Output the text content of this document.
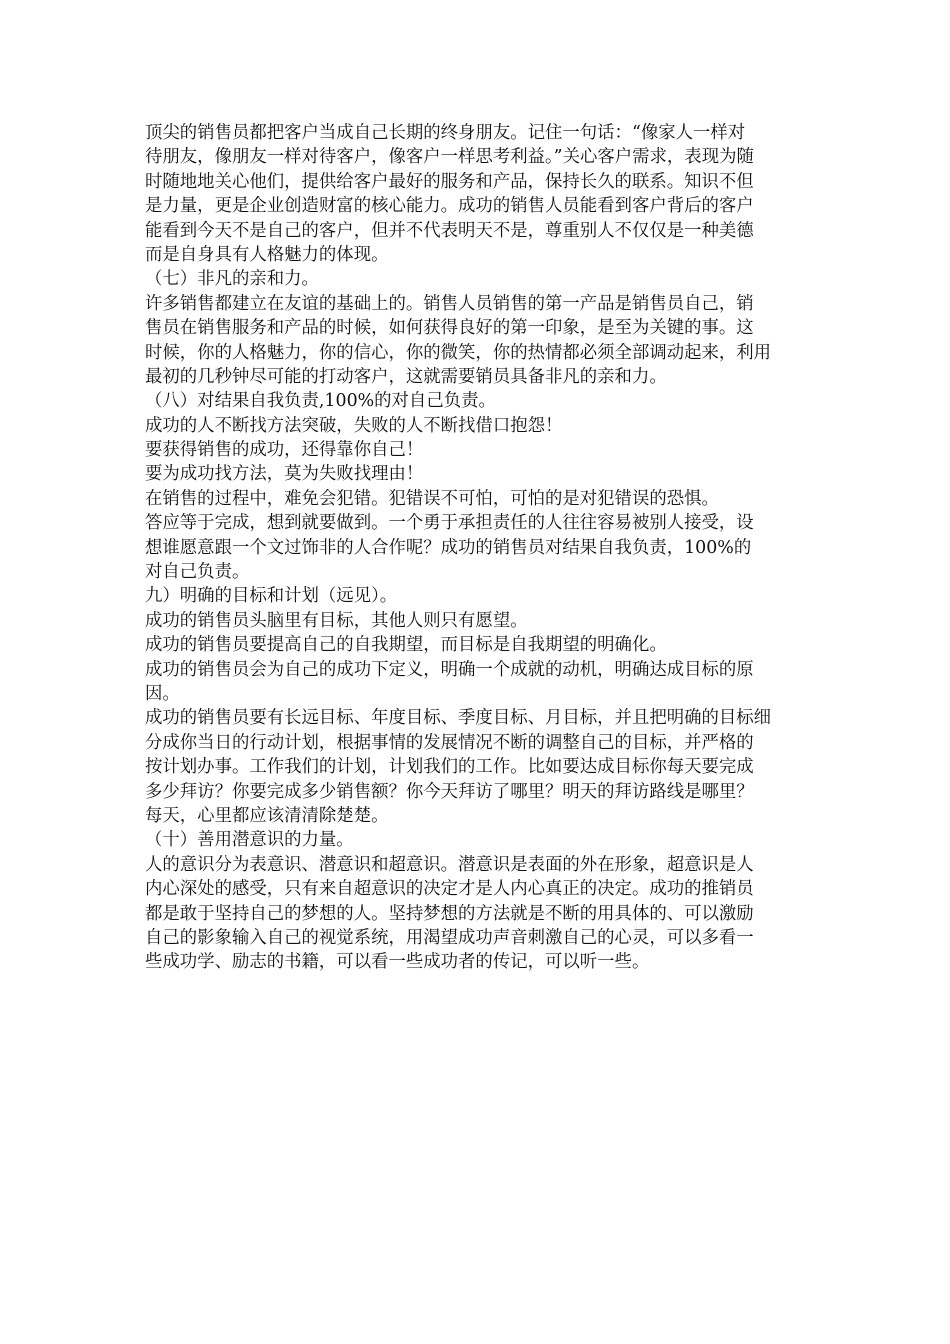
顶尖的销售员都把客户当成自己长期的终身朋友。记住一句话：“像家人一样对
待朋友，像朋友一样对待客户，像客户一样思考利益。”关心客户需求，表现为随
时随地地关心他们，提供给客户最好的服务和产品，保持长久的联系。知识不但
是力量，更是企业创造财富的核心能力。成功的销售人员能看到客户背后的客户
能看到今天不是自己的客户，但并不代表明天不是，尊重别人不仅仅是一种美德
而是自身具有人格魅力的体现。
（七）非凡的亲和力。
许多销售都建立在友谊的基础上的。销售人员销售的第一产品是销售员自己，销
售员在销售服务和产品的时候，如何获得良好的第一印象，是至为关键的事。这
时候，你的人格魅力，你的信心，你的微笑，你的热情都必须全部调动起来，利用
最初的几秒钟尽可能的打动客户，这就需要销员具备非凡的亲和力。
（八）对结果自我负责,100%的对自己负责。
成功的人不断找方法突破，失败的人不断找借口抱怨！
要获得销售的成功，还得靠你自己！
要为成功找方法，莫为失败找理由！
在销售的过程中，难免会犯错。犯错误不可怕，可怕的是对犯错误的恐惧。
答应等于完成，想到就要做到。一个勇于承担责任的人往往容易被别人接受，设
想谁愿意跟一个文过饰非的人合作呢？成功的销售员对结果自我负责，100%的
对自己负责。
九）明确的目标和计划（远见）。
成功的销售员头脑里有目标，其他人则只有愿望。
成功的销售员要提高自己的自我期望，而目标是自我期望的明确化。
成功的销售员会为自己的成功下定义，明确一个成就的动机，明确达成目标的原
因。
成功的销售员要有长远目标、年度目标、季度目标、月目标，并且把明确的目标细
分成你当日的行动计划，根据事情的发展情况不断的调整自己的目标，并严格的
按计划办事。工作我们的计划，计划我们的工作。比如要达成目标你每天要完成
多少拜访？你要完成多少销售额？你今天拜访了哪里？明天的拜访路线是哪里？
每天，心里都应该清清除楚楚。
（十）善用潜意识的力量。
人的意识分为表意识、潜意识和超意识。潜意识是表面的外在形象，超意识是人
内心深处的感受，只有来自超意识的决定才是人内心真正的决定。成功的推销员
都是敢于坚持自己的梦想的人。坚持梦想的方法就是不断的用具体的、可以激励
自己的影象输入自己的视觉系统，用渴望成功声音刺激自己的心灵，可以多看一
些成功学、励志的书籍，可以看一些成功者的传记，可以听一些。
